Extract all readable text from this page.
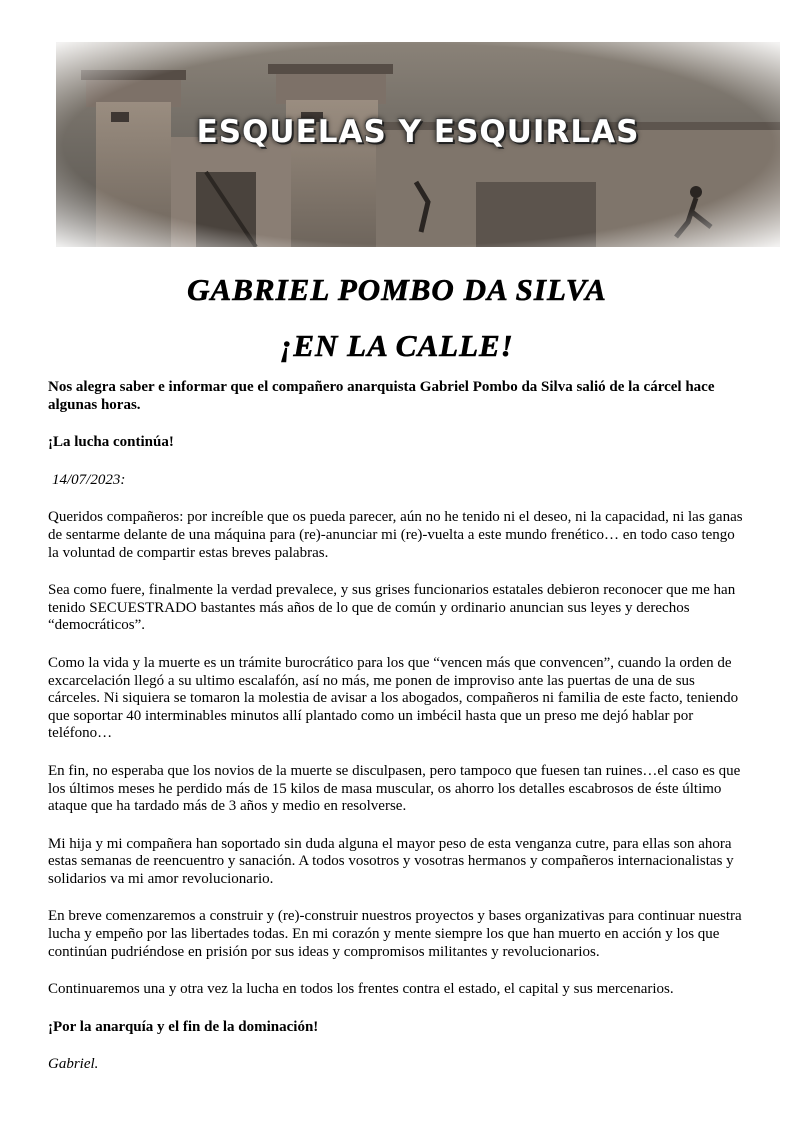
ESQUELAS Y ESQUIRLAS
GABRIEL POMBO DA SILVA
¡EN LA CALLE!

Nos alegra saber e informar que el compañero anarquista Gabriel Pombo da Silva salió de la cárcel hace algunas horas.

¡La lucha continúa!

14/07/2023:

Queridos compañeros: por increíble que os pueda parecer, aún no he tenido ni el deseo, ni la capacidad, ni las ganas de sentarme delante de una máquina para (re)-anunciar mi (re)-vuelta a este mundo frenético… en todo caso tengo la voluntad de compartir estas breves palabras.

Sea como fuere, finalmente la verdad prevalece, y sus grises funcionarios estatales debieron reconocer que me han tenido SECUESTRADO bastantes más años de lo que de común y ordinario anuncian sus leyes y derechos “democráticos”.

Como la vida y la muerte es un trámite burocrático para los que “vencen más que convencen”, cuando la orden de excarcelación llegó a su ultimo escalafón, así no más, me ponen de improviso ante las puertas de una de sus cárceles. Ni siquiera se tomaron la molestia de avisar a los abogados, compañeros ni familia de este facto, teniendo que soportar 40 interminables minutos allí plantado como un imbécil hasta que un preso me dejó hablar por teléfono…

En fin, no esperaba que los novios de la muerte se disculpasen, pero tampoco que fuesen tan ruines…el caso es que los últimos meses he perdido más de 15 kilos de masa muscular, os ahorro los detalles escabrosos de éste último ataque que ha tardado más de 3 años y medio en resolverse.

Mi hija y mi compañera han soportado sin duda alguna el mayor peso de esta venganza cutre, para ellas son ahora estas semanas de reencuentro y sanación. A todos vosotros y vosotras hermanos y compañeros internacionalistas y solidarios va mi amor revolucionario.

En breve comenzaremos a construir y (re)-construir nuestros proyectos y bases organizativas para continuar nuestra lucha y empeño por las libertades todas. En mi corazón y mente siempre los que han muerto en acción y los que continúan pudriéndose en prisión por sus ideas y compromisos militantes y revolucionarios.

Continuaremos una y otra vez la lucha en todos los frentes contra el estado, el capital y sus mercenarios.

¡Por la anarquía y el fin de la dominación!

Gabriel.
